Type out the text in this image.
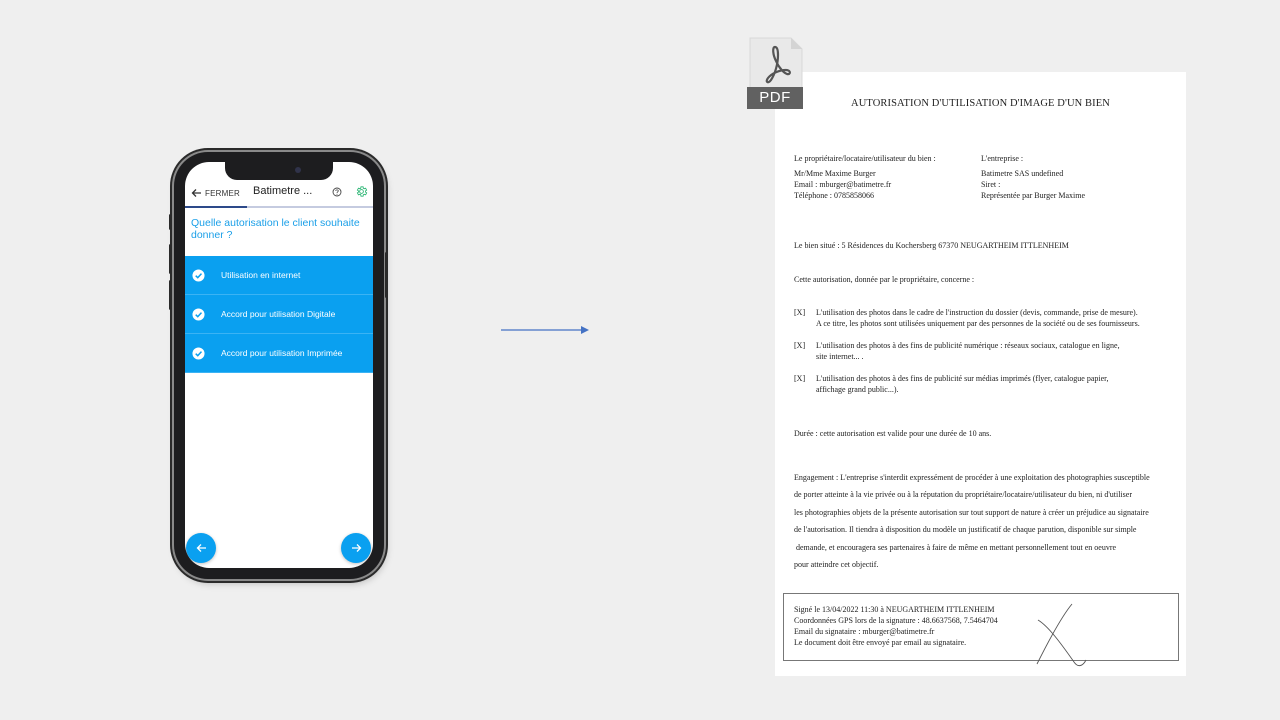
FERMER Batimetre ...
Quelle autorisation le client souhaite donner ?
Utilisation en internet
Accord pour utilisation Digitale
Accord pour utilisation Imprimée
PDF	AUTORISATION D'UTILISATION D'IMAGE D'UN BIEN
Le propriétaire/locataire/utilisateur du bien :
Mr/Mme Maxime Burger
Email : mburger@batimetre.fr
Téléphone : 0785858066
L'entreprise :
Batimetre SAS undefined
Siret :
Représentée par Burger Maxime
Le bien situé : 5 Résidences du Kochersberg 67370 NEUGARTHEIM ITTLENHEIM
Cette autorisation, donnée par le propriétaire, concerne :
[X] L'utilisation des photos dans le cadre de l'instruction du dossier (devis, commande, prise de mesure).
A ce titre, les photos sont utilisées uniquement par des personnes de la société ou de ses fournisseurs.
[X] L'utilisation des photos à des fins de publicité numérique : réseaux sociaux, catalogue en ligne,
site internet... .
[X] L'utilisation des photos à des fins de publicité sur médias imprimés (flyer, catalogue papier,
affichage grand public...).
Durée : cette autorisation est valide pour une durée de 10 ans.
Engagement : L'entreprise s'interdit expressément de procéder à une exploitation des photographies susceptible
de porter atteinte à la vie privée ou à la réputation du propriétaire/locataire/utilisateur du bien, ni d'utiliser
les photographies objets de la présente autorisation sur tout support de nature à créer un préjudice au signataire
de l'autorisation. Il tiendra à disposition du modèle un justificatif de chaque parution, disponible sur simple
demande, et encouragera ses partenaires à faire de même en mettant personnellement tout en oeuvre
pour atteindre cet objectif.
Signé le 13/04/2022 11:30 à NEUGARTHEIM ITTLENHEIM
Coordonnées GPS lors de la signature : 48.6637568, 7.5464704
Email du signataire : mburger@batimetre.fr
Le document doit être envoyé par email au signataire.
